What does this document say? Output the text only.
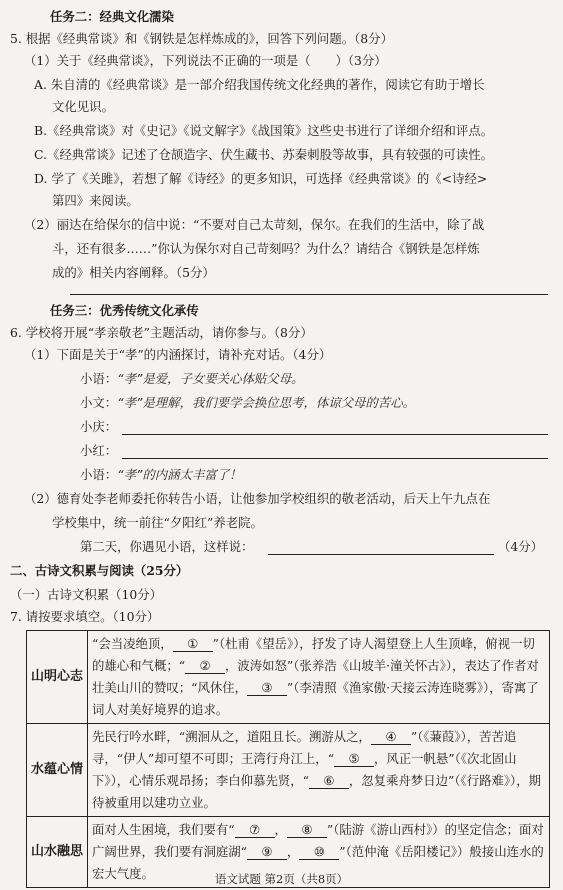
任务二：经典文化濡染
5. 根据《经典常谈》和《钢铁是怎样炼成的》，回答下列问题。（8分）
（1）关于《经典常谈》，下列说法不正确的一项是（　　）（3分）
A. 朱自清的《经典常谈》是一部介绍我国传统文化经典的著作，阅读它有助于增长
文化见识。
B.《经典常谈》对《史记》《说文解字》《战国策》这些史书进行了详细介绍和评点。
C.《经典常谈》记述了仓颉造字、伏生藏书、苏秦刺股等故事，具有较强的可读性。
D. 学了《关雎》，若想了解《诗经》的更多知识，可选择《经典常谈》的《<诗经>
第四》来阅读。
（2）丽达在给保尔的信中说：“不要对自己太苛刻，保尔。在我们的生活中，除了战
斗，还有很多……”你认为保尔对自己苛刻吗？为什么？请结合《钢铁是怎样炼
成的》相关内容阐释。（5分）
任务三：优秀传统文化承传
6. 学校将开展“孝亲敬老”主题活动，请你参与。（8分）
（1）下面是关于“孝”的内涵探讨，请补充对话。（4分）
小语：“孝”是爱，子女要关心体贴父母。
小文：“孝”是理解，我们要学会换位思考，体谅父母的苦心。
小庆：
小红：
小语：“孝”的内涵太丰富了！
（2）德育处李老师委托你转告小语，让他参加学校组织的敬老活动，后天上午九点在
学校集中，统一前往“夕阳红”养老院。
第二天，你遇见小语，这样说：	（4分）
二、古诗文积累与阅读（25分）
（一）古诗文积累（10分）
7. 请按要求填空。（10分）
山明心志	“会当凌绝顶， ① ”（杜甫《望岳》），抒发了诗人渴望登上人生顶峰，俯视一切的雄心和气概；“ ② ，波涛如怒”（张养浩《山坡羊·潼关怀古》），表达了作者对壮美山川的赞叹；“风休住， ③ ”（李清照《渔家傲·天接云涛连晓雾》），寄寓了词人对美好境界的追求。
水蕴心情	先民行吟水畔，“溯洄从之，道阻且长。溯游从之， ④ ”（《蒹葭》），苦苦追寻，“伊人”却可望不可即；王湾行舟江上，“ ⑤ ，风正一帆悬”（《次北固山下》），心情乐观昂扬；李白仰慕先贤，“ ⑥ ，忽复乘舟梦日边”（《行路难》），期待被重用以建功立业。
山水融思	面对人生困境，我们要有“ ⑦ ， ⑧ ”（陆游《游山西村》）的坚定信念；面对广阔世界，我们要有洞庭湖“ ⑨ ， ⑩ ”（范仲淹《岳阳楼记》）般接山连水的宏大气度。	语文试题 第2页（共8页）
